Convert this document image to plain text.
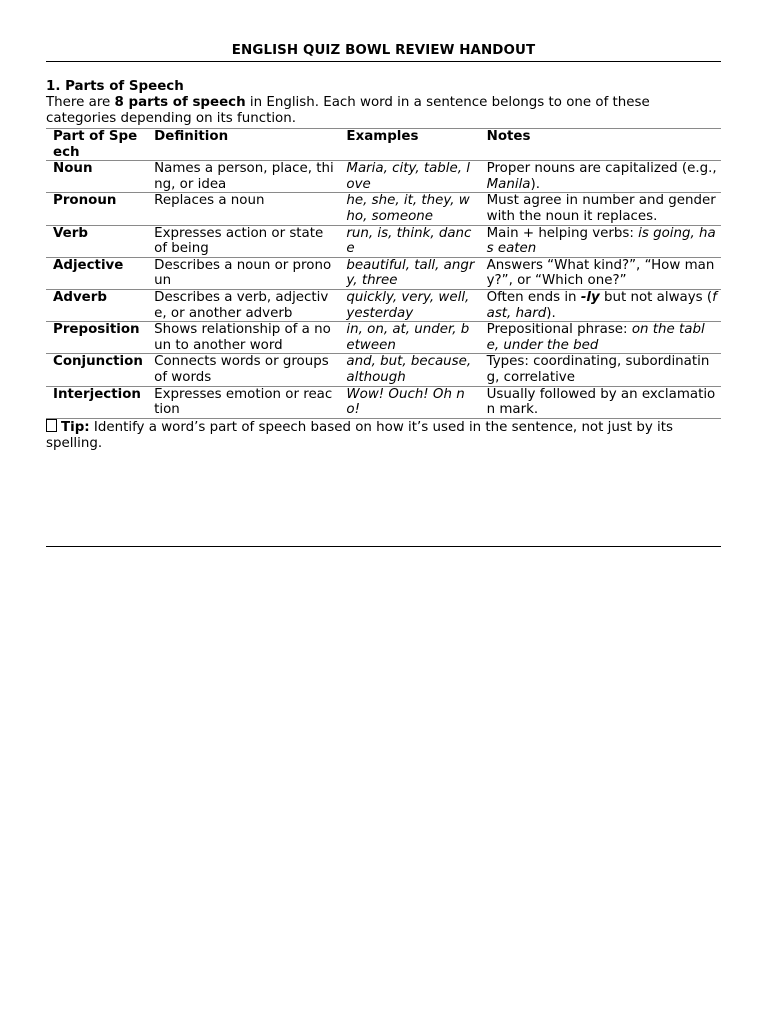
ENGLISH QUIZ BOWL REVIEW HANDOUT
1. Parts of Speech
There are 8 parts of speech in English. Each word in a sentence belongs to one of these categories depending on its function.
Part of Speech	Definition	Examples	Notes
Noun	Names a person, place, thing, or idea	Maria, city, table, love	Proper nouns are capitalized (e.g., Manila).
Pronoun	Replaces a noun	he, she, it, they, who, someone	Must agree in number and gender with the noun it replaces.
Verb	Expresses action or state of being	run, is, think, dance	Main + helping verbs: is going, has eaten
Adjective	Describes a noun or pronoun	beautiful, tall, angry, three	Answers “What kind?”, “How many?”, or “Which one?”
Adverb	Describes a verb, adjective, or another adverb	quickly, very, well, yesterday	Often ends in -ly but not always (fast, hard).
Preposition	Shows relationship of a noun to another word	in, on, at, under, between	Prepositional phrase: on the table, under the bed
Conjunction	Connects words or groups of words	and, but, because, although	Types: coordinating, subordinating, correlative
Interjection	Expresses emotion or reaction	Wow! Ouch! Oh no!	Usually followed by an exclamation mark.
Tip: Identify a word’s part of speech based on how it’s used in the sentence, not just by its spelling.
